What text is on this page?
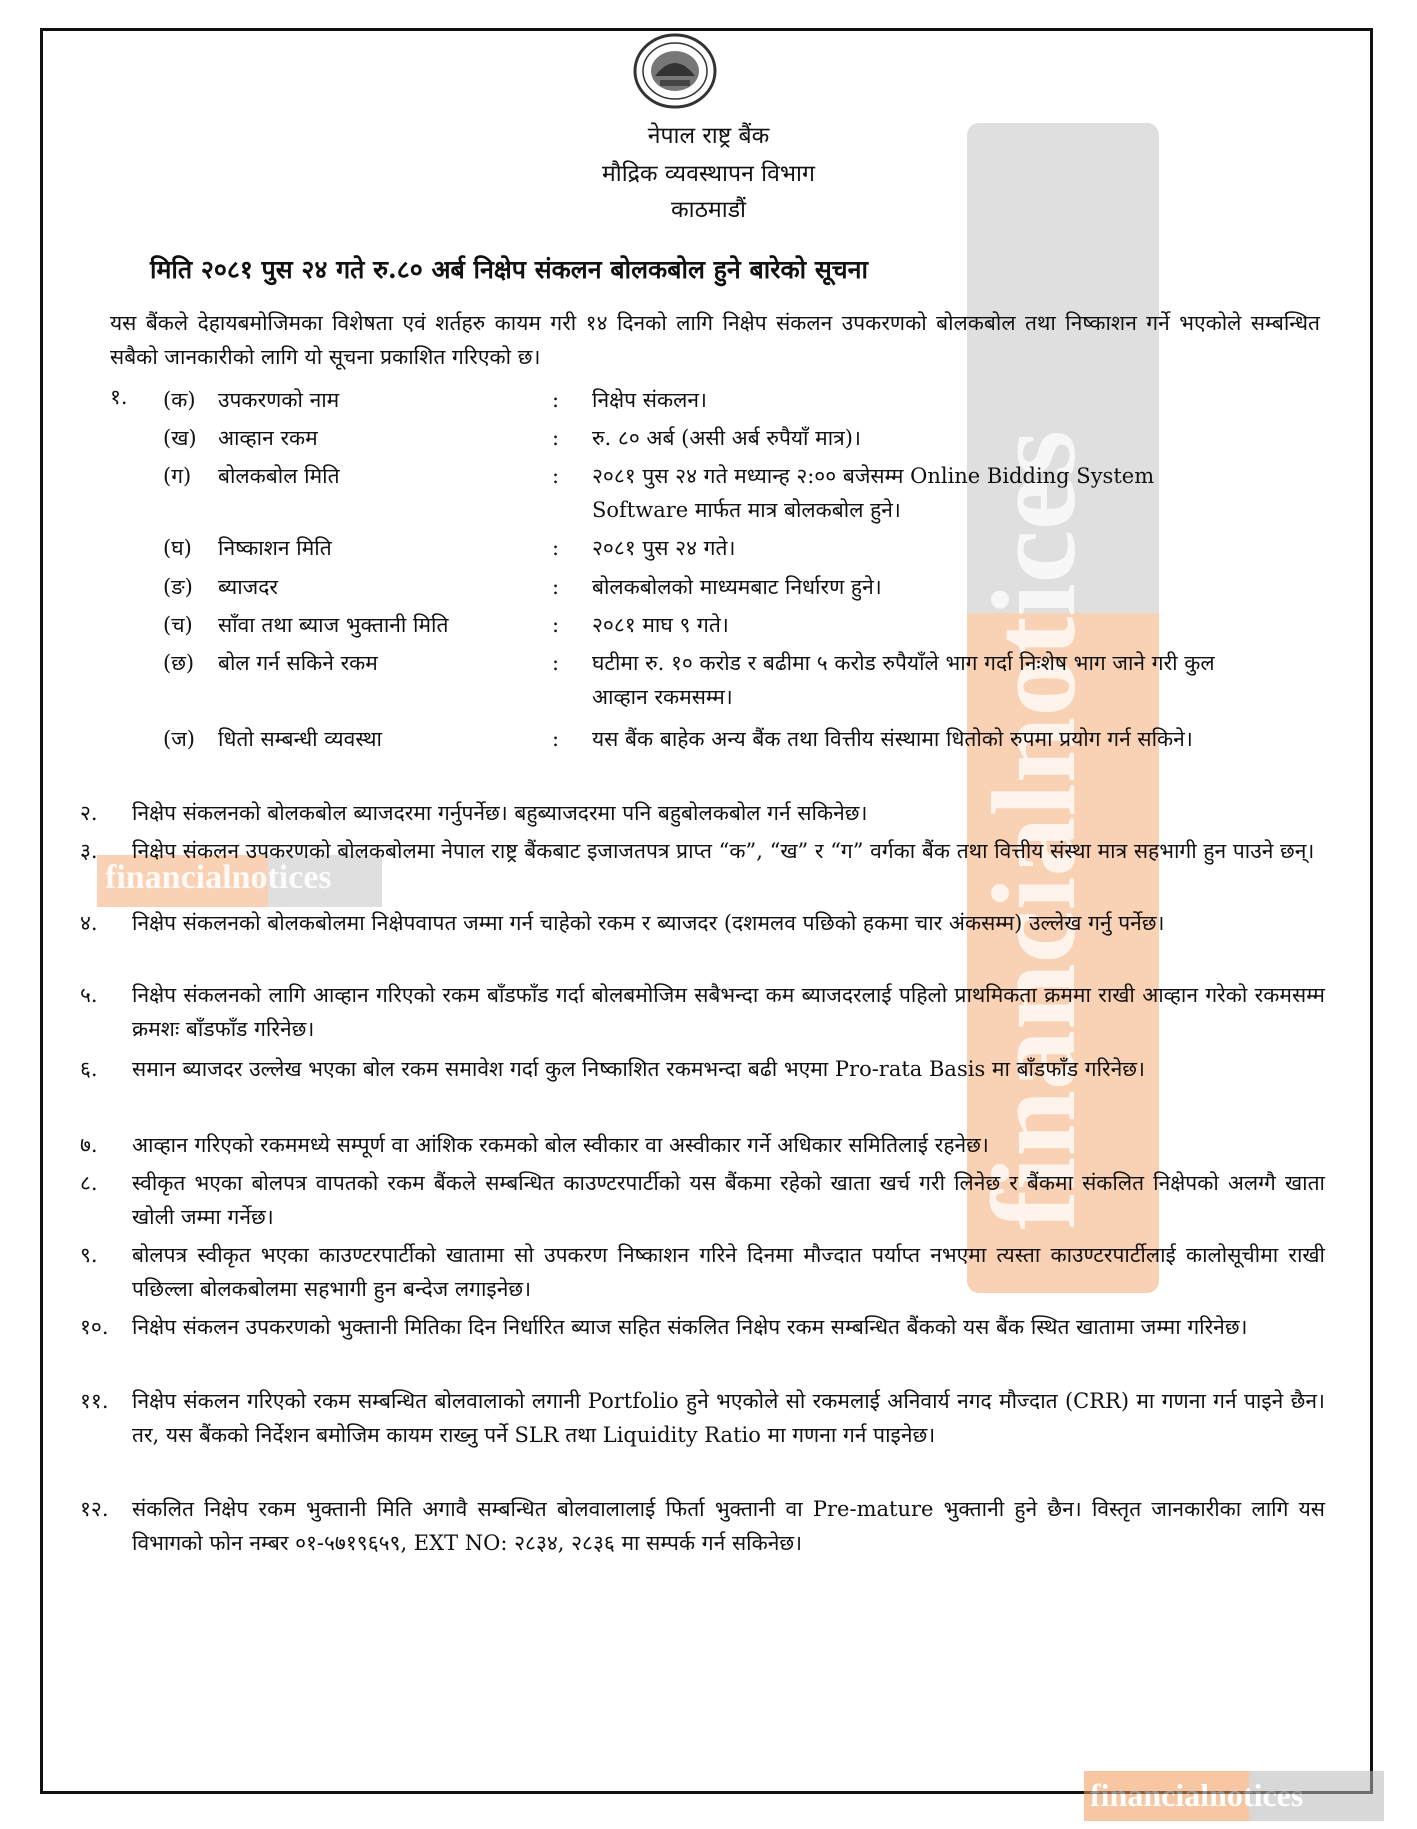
financialnotices
financialnotices
नेपाल राष्ट्र बैंक
मौद्रिक व्यवस्थापन विभाग
काठमाडौं
मिति २०८१ पुस २४ गते रु.८० अर्ब निक्षेप संकलन बोलकबोल हुने बारेको सूचना
यस बैंकले देहायबमोजिमका विशेषता एवं शर्तहरु कायम गरी १४ दिनको लागि निक्षेप संकलन उपकरणको बोलकबोल तथा निष्काशन गर्ने भएकोले सम्बन्धित सबैको जानकारीको लागि यो सूचना प्रकाशित गरिएको छ।
१. (क) उपकरणको नाम	: निक्षेप संकलन।
(ख) आव्हान रकम	: रु. ८० अर्ब (असी अर्ब रुपैयाँ मात्र)।
(ग) बोलकबोल मिति	: २०८१ पुस २४ गते मध्यान्ह २:०० बजेसम्म Online Bidding System Software मार्फत मात्र बोलकबोल हुने।
(घ) निष्काशन मिति	: २०८१ पुस २४ गते।
(ङ) ब्याजदर	: बोलकबोलको माध्यमबाट निर्धारण हुने।
(च) साँवा तथा ब्याज भुक्तानी मिति	: २०८१ माघ ९ गते।
(छ) बोल गर्न सकिने रकम	: घटीमा रु. १० करोड र बढीमा ५ करोड रुपैयाँले भाग गर्दा निःशेष भाग जाने गरी कुल आव्हान रकमसम्म।
(ज) धितो सम्बन्धी व्यवस्था	: यस बैंक बाहेक अन्य बैंक तथा वित्तीय संस्थामा धितोको रुपमा प्रयोग गर्न सकिने।
२. निक्षेप संकलनको बोलकबोल ब्याजदरमा गर्नुपर्नेछ। बहुब्याजदरमा पनि बहुबोलकबोल गर्न सकिनेछ।
३. निक्षेप संकलन उपकरणको बोलकबोलमा नेपाल राष्ट्र बैंकबाट इजाजतपत्र प्राप्त “क”, “ख” र “ग” वर्गका बैंक तथा वित्तीय संस्था मात्र सहभागी हुन पाउने छन्।
४. निक्षेप संकलनको बोलकबोलमा निक्षेपवापत जम्मा गर्न चाहेको रकम र ब्याजदर (दशमलव पछिको हकमा चार अंकसम्म) उल्लेख गर्नु पर्नेछ।
५. निक्षेप संकलनको लागि आव्हान गरिएको रकम बाँडफाँड गर्दा बोलबमोजिम सबैभन्दा कम ब्याजदरलाई पहिलो प्राथमिकता क्रममा राखी आव्हान गरेको रकमसम्म क्रमशः बाँडफाँड गरिनेछ।
६. समान ब्याजदर उल्लेख भएका बोल रकम समावेश गर्दा कुल निष्काशित रकमभन्दा बढी भएमा Pro-rata Basis मा बाँडफाँड गरिनेछ।
७. आव्हान गरिएको रकममध्ये सम्पूर्ण वा आंशिक रकमको बोल स्वीकार वा अस्वीकार गर्ने अधिकार समितिलाई रहनेछ।
८. स्वीकृत भएका बोलपत्र वापतको रकम बैंकले सम्बन्धित काउण्टरपार्टीको यस बैंकमा रहेको खाता खर्च गरी लिनेछ र बैंकमा संकलित निक्षेपको अलग्गै खाता खोली जम्मा गर्नेछ।
९. बोलपत्र स्वीकृत भएका काउण्टरपार्टीको खातामा सो उपकरण निष्काशन गरिने दिनमा मौज्दात पर्याप्त नभएमा त्यस्ता काउण्टरपार्टीलाई कालोसूचीमा राखी पछिल्ला बोलकबोलमा सहभागी हुन बन्देज लगाइनेछ।
१०. निक्षेप संकलन उपकरणको भुक्तानी मितिका दिन निर्धारित ब्याज सहित संकलित निक्षेप रकम सम्बन्धित बैंकको यस बैंक स्थित खातामा जम्मा गरिनेछ।
११. निक्षेप संकलन गरिएको रकम सम्बन्धित बोलवालाको लगानी Portfolio हुने भएकोले सो रकमलाई अनिवार्य नगद मौज्दात (CRR) मा गणना गर्न पाइने छैन। तर, यस बैंकको निर्देशन बमोजिम कायम राख्नु पर्ने SLR तथा Liquidity Ratio मा गणना गर्न पाइनेछ।
१२. संकलित निक्षेप रकम भुक्तानी मिति अगावै सम्बन्धित बोलवालालाई फिर्ता भुक्तानी वा Pre-mature भुक्तानी हुने छैन। विस्तृत जानकारीका लागि यस विभागको फोन नम्बर ०१-५७१९६५९, EXT NO: २८३४, २८३६ मा सम्पर्क गर्न सकिनेछ।
financialnotices
